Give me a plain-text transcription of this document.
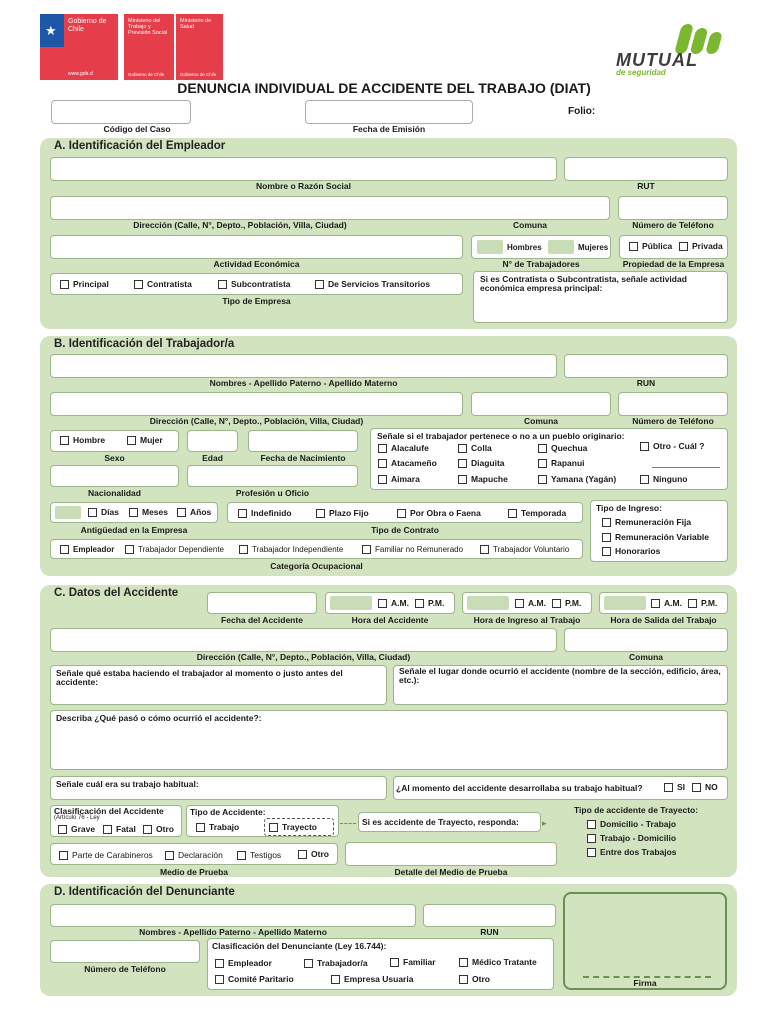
★
Gobierno de Chile
www.gob.cl
Ministerio del Trabajo y Previsión Social
Gobierno de Chile
Ministerio de Salud
Gobierno de Chile
MUTUAL
de seguridad
DENUNCIA INDIVIDUAL DE ACCIDENTE DEL TRABAJO (DIAT)
Código del Caso	Fecha de Emisión
Folio:
A. Identificación del Empleador
Nombre o Razón Social	RUT
Dirección (Calle, N°, Depto., Población, Villa, Ciudad)	Comuna	Número de Teléfono
Hombres	Mujeres	Pública Privada
Actividad Económica	N° de Trabajadores	Propiedad de la Empresa
Principal	Contratista	Subcontratista	De Servicios Transitorios
Tipo de Empresa
Si es Contratista o Subcontratista, señale actividad económica empresa principal:
B. Identificación del Trabajador/a
Nombres - Apellido Paterno - Apellido Materno	RUN
Dirección (Calle, N°, Depto., Población, Villa, Ciudad)	Comuna	Número de Teléfono
Hombre	Mujer
Sexo	Edad	Fecha de Nacimiento
Señale si el trabajador pertenece o no a un pueblo originario:
Alacalufe	Colla	Quechua	Otro - Cuál ?
Atacameño	Diaguita	Rapanui
Aimara	Mapuche	Yamana (Yagán)	Ninguno
Nacionalidad	Profesión u Oficio
Días	Meses	Años
Antigüedad en la Empresa
Indefinido	Plazo Fijo	Por Obra o Faena	Temporada
Tipo de Contrato
Tipo de Ingreso:
Remuneración Fija
Remuneración Variable
Honorarios
Empleador	Trabajador Dependiente	Trabajador Independiente	Familiar no Remunerado	Trabajador Voluntario
Categoría Ocupacional
C. Datos del Accidente
Fecha del Accidente
A.M. P.M.
Hora del Accidente
A.M. P.M.
Hora de Ingreso al Trabajo
A.M. P.M.
Hora de Salida del Trabajo
Dirección (Calle, N°, Depto., Población, Villa, Ciudad)	Comuna
Señale qué estaba haciendo el trabajador al momento o justo antes del accidente:
Señale el lugar donde ocurrió el accidente (nombre de la sección, edificio, área, etc.):
Describa ¿Qué pasó o cómo ocurrió el accidente?:
Señale cuál era su trabajo habitual:	¿Al momento del accidente desarrollaba su trabajo habitual?	SI NO
Clasificación del Accidente
(Artículo 76 - Ley
Grave Fatal Otro
Tipo de Accidente:
Trabajo	Trayecto	Si es accidente de Trayecto, responda:	▸
Tipo de accidente de Trayecto:
Domicilio - Trabajo
Trabajo - Domicilio
Entre dos Trabajos
Parte de Carabineros	Declaración	Testigos	Otro
Medio de Prueba	Detalle del Medio de Prueba
D. Identificación del Denunciante
Nombres - Apellido Paterno - Apellido Materno	RUN
Número de Teléfono
Clasificación del Denunciante (Ley 16.744):
Empleador	Trabajador/a	Familiar	Médico Tratante
Comité Paritario	Empresa Usuaria	Otro	Firma
